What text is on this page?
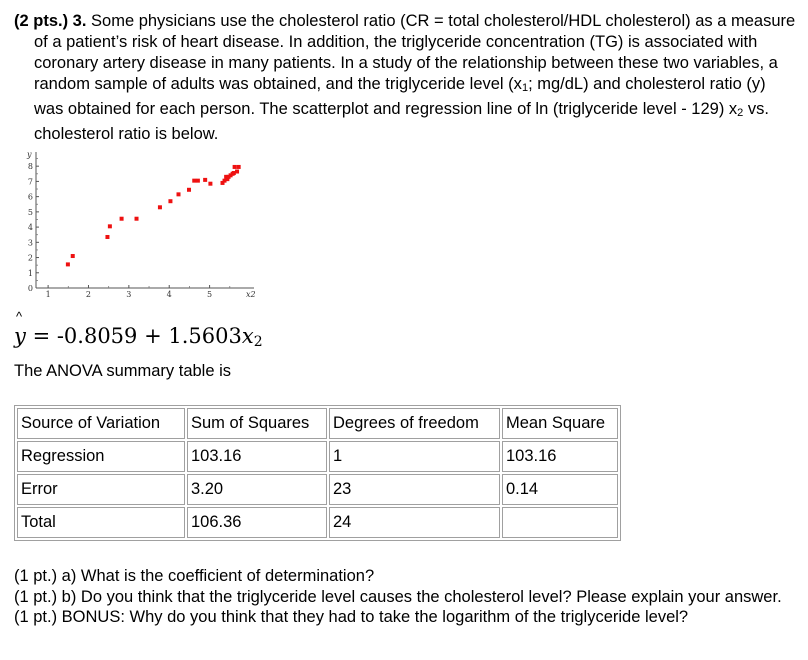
(2 pts.) 3. Some physicians use the cholesterol ratio (CR = total cholesterol/HDL cholesterol) as a measure of a patient’s risk of heart disease. In addition, the triglyceride concentration (TG) is associated with coronary artery disease in many patients. In a study of the relationship between these two variables, a random sample of adults was obtained, and the triglyceride level (x1; mg/dL) and cholesterol ratio (y) was obtained for each person. The scatterplot and regression line of ln (triglyceride level - 129) x2 vs. cholesterol ratio is below.
0
1
2
3
4
5
6
7
8
1	2	3	4	5
y
x2
^
$y = -0.8059 + 1.5603x_2$
The ANOVA summary table is
Source of Variation	Sum of Squares	Degrees of freedom	Mean Square
Regression	103.16	1	103.16
Error	3.20	23	0.14
Total	106.36	24	
(1 pt.) a) What is the coefficient of determination?
(1 pt.) b) Do you think that the triglyceride level causes the cholesterol level? Please explain your answer.
(1 pt.) BONUS: Why do you think that they had to take the logarithm of the triglyceride level?
